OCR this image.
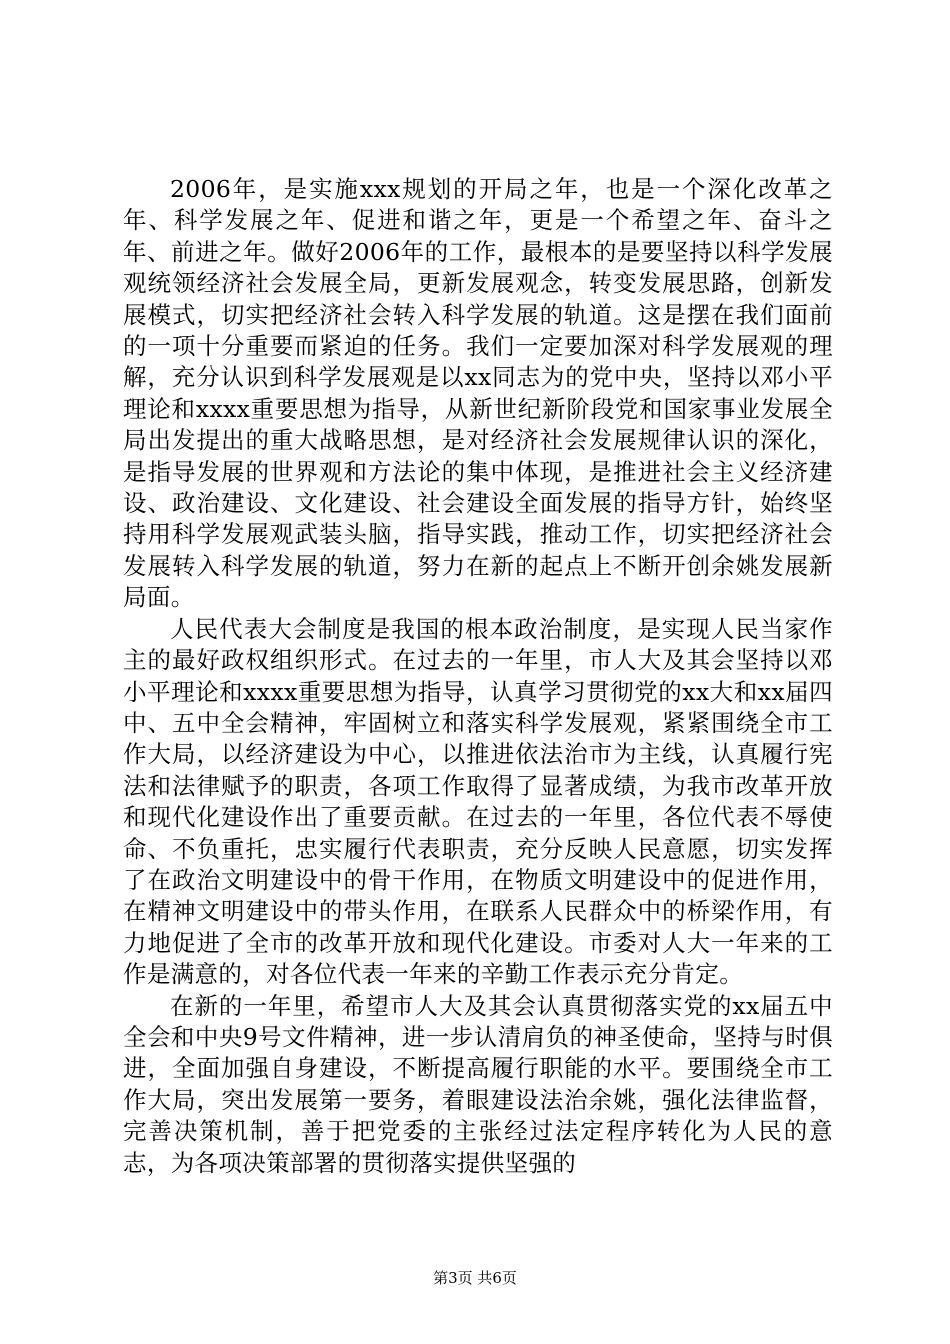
2006年，是实施xxx规划的开局之年，也是一个深化改革之年、科学发展之年、促进和谐之年，更是一个希望之年、奋斗之年、前进之年。做好2006年的工作，最根本的是要坚持以科学发展观统领经济社会发展全局，更新发展观念，转变发展思路，创新发展模式，切实把经济社会转入科学发展的轨道。这是摆在我们面前的一项十分重要而紧迫的任务。我们一定要加深对科学发展观的理解，充分认识到科学发展观是以xx同志为的党中央，坚持以邓小平理论和xxxx重要思想为指导，从新世纪新阶段党和国家事业发展全局出发提出的重大战略思想，是对经济社会发展规律认识的深化，是指导发展的世界观和方法论的集中体现，是推进社会主义经济建设、政治建设、文化建设、社会建设全面发展的指导方针，始终坚持用科学发展观武装头脑，指导实践，推动工作，切实把经济社会发展转入科学发展的轨道，努力在新的起点上不断开创余姚发展新局面。

人民代表大会制度是我国的根本政治制度，是实现人民当家作主的最好政权组织形式。在过去的一年里，市人大及其会坚持以邓小平理论和xxxx重要思想为指导，认真学习贯彻党的xx大和xx届四中、五中全会精神，牢固树立和落实科学发展观，紧紧围绕全市工作大局，以经济建设为中心，以推进依法治市为主线，认真履行宪法和法律赋予的职责，各项工作取得了显著成绩，为我市改革开放和现代化建设作出了重要贡献。在过去的一年里，各位代表不辱使命、不负重托，忠实履行代表职责，充分反映人民意愿，切实发挥了在政治文明建设中的骨干作用，在物质文明建设中的促进作用，在精神文明建设中的带头作用，在联系人民群众中的桥梁作用，有力地促进了全市的改革开放和现代化建设。市委对人大一年来的工作是满意的，对各位代表一年来的辛勤工作表示充分肯定。

在新的一年里，希望市人大及其会认真贯彻落实党的xx届五中全会和中央9号文件精神，进一步认清肩负的神圣使命，坚持与时俱进，全面加强自身建设，不断提高履行职能的水平。要围绕全市工作大局，突出发展第一要务，着眼建设法治余姚，强化法律监督，完善决策机制，善于把党委的主张经过法定程序转化为人民的意志，为各项决策部署的贯彻落实提供坚强的

第3页 共6页
